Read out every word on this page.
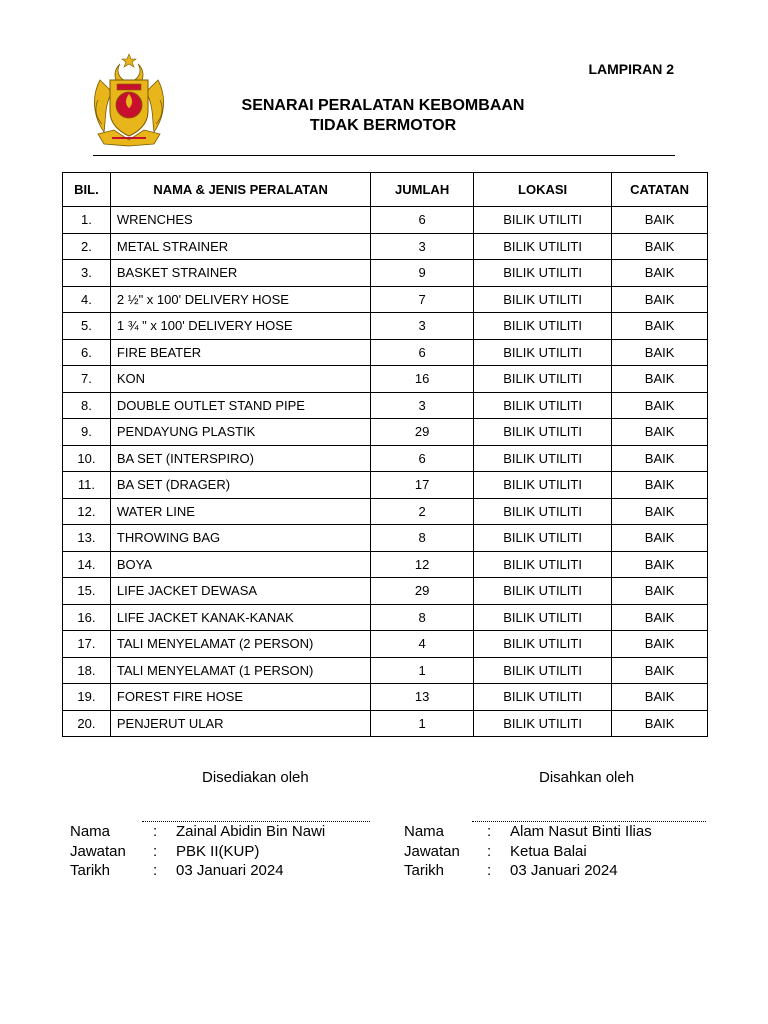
LAMPIRAN 2
SENARAI PERALATAN KEBOMBAAN
TIDAK BERMOTOR
BIL.	NAMA & JENIS PERALATAN	JUMLAH	LOKASI	CATATAN
1.	WRENCHES	6	BILIK UTILITI	BAIK
2.	METAL STRAINER	3	BILIK UTILITI	BAIK
3.	BASKET STRAINER	9	BILIK UTILITI	BAIK
4.	2 ½" x 100' DELIVERY HOSE	7	BILIK UTILITI	BAIK
5.	1 ¾ " x 100' DELIVERY HOSE	3	BILIK UTILITI	BAIK
6.	FIRE BEATER	6	BILIK UTILITI	BAIK
7.	KON	16	BILIK UTILITI	BAIK
8.	DOUBLE OUTLET STAND PIPE	3	BILIK UTILITI	BAIK
9.	PENDAYUNG PLASTIK	29	BILIK UTILITI	BAIK
10.	BA SET (INTERSPIRO)	6	BILIK UTILITI	BAIK
11.	BA SET (DRAGER)	17	BILIK UTILITI	BAIK
12.	WATER LINE	2	BILIK UTILITI	BAIK
13.	THROWING BAG	8	BILIK UTILITI	BAIK
14.	BOYA	12	BILIK UTILITI	BAIK
15.	LIFE JACKET DEWASA	29	BILIK UTILITI	BAIK
16.	LIFE JACKET KANAK-KANAK	8	BILIK UTILITI	BAIK
17.	TALI MENYELAMAT (2 PERSON)	4	BILIK UTILITI	BAIK
18.	TALI MENYELAMAT (1 PERSON)	1	BILIK UTILITI	BAIK
19.	FOREST FIRE HOSE	13	BILIK UTILITI	BAIK
20.	PENJERUT ULAR	1	BILIK UTILITI	BAIK
Disediakan oleh	Disahkan oleh
Nama	: Zainal Abidin Bin Nawi
Jawatan : PBK II(KUP)
Tarikh	: 03 Januari 2024
Nama	: Alam Nasut Binti Ilias
Jawatan : Ketua Balai
Tarikh	: 03 Januari 2024
